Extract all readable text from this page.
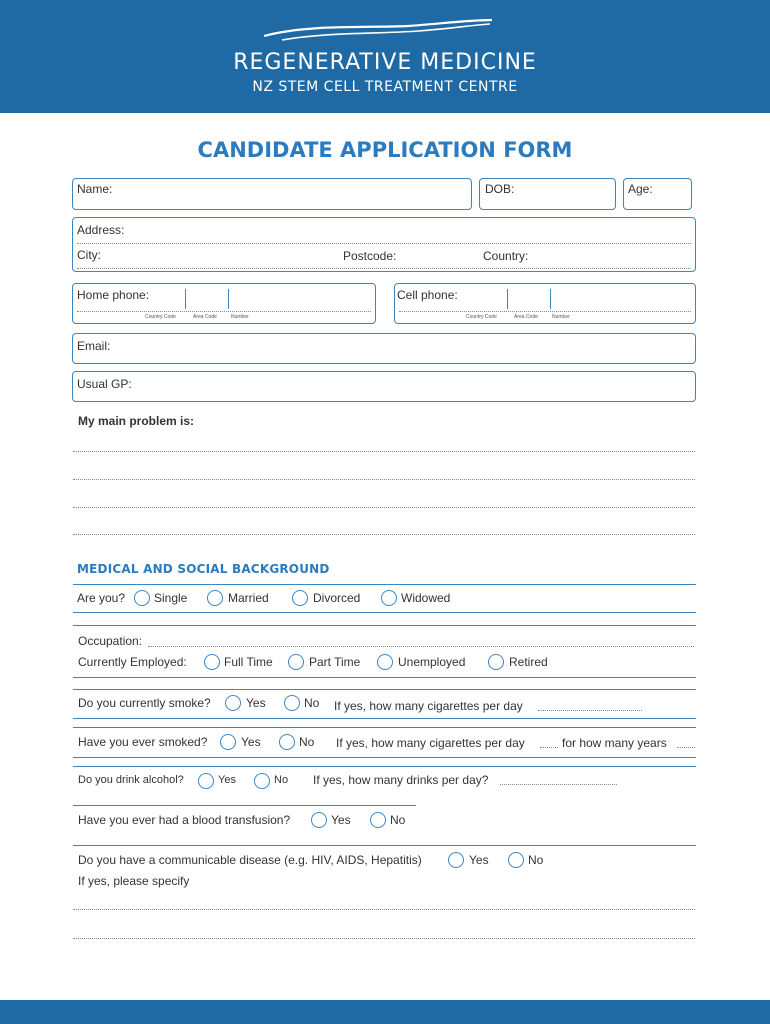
REGENERATIVE MEDICINE
NZ STEM CELL TREATMENT CENTRE
CANDIDATE APPLICATION FORM
Name:	DOB:	Age:
Address:
City:	Postcode:	Country:
Home phone:
Country Code	Area Code	Number
Cell phone:
Country Code	Area Code	Number
Email:
Usual GP:
My main problem is:
MEDICAL AND SOCIAL BACKGROUND
Are you? Single	Married	Divorced	Widowed
Occupation:
Currently Employed:	Full Time	Part Time	Unemployed	Retired
Do you currently smoke?	Yes	No If yes, how many cigarettes per day
Have you ever smoked?	Yes	No If yes, how many cigarettes per day	for how many years
Do you drink alcohol?	Yes	No If yes, how many drinks per day?
Have you ever had a blood transfusion?	Yes	No
Do you have a communicable disease (e.g. HIV, AIDS, Hepatitis)	Yes	No
If yes, please specify
